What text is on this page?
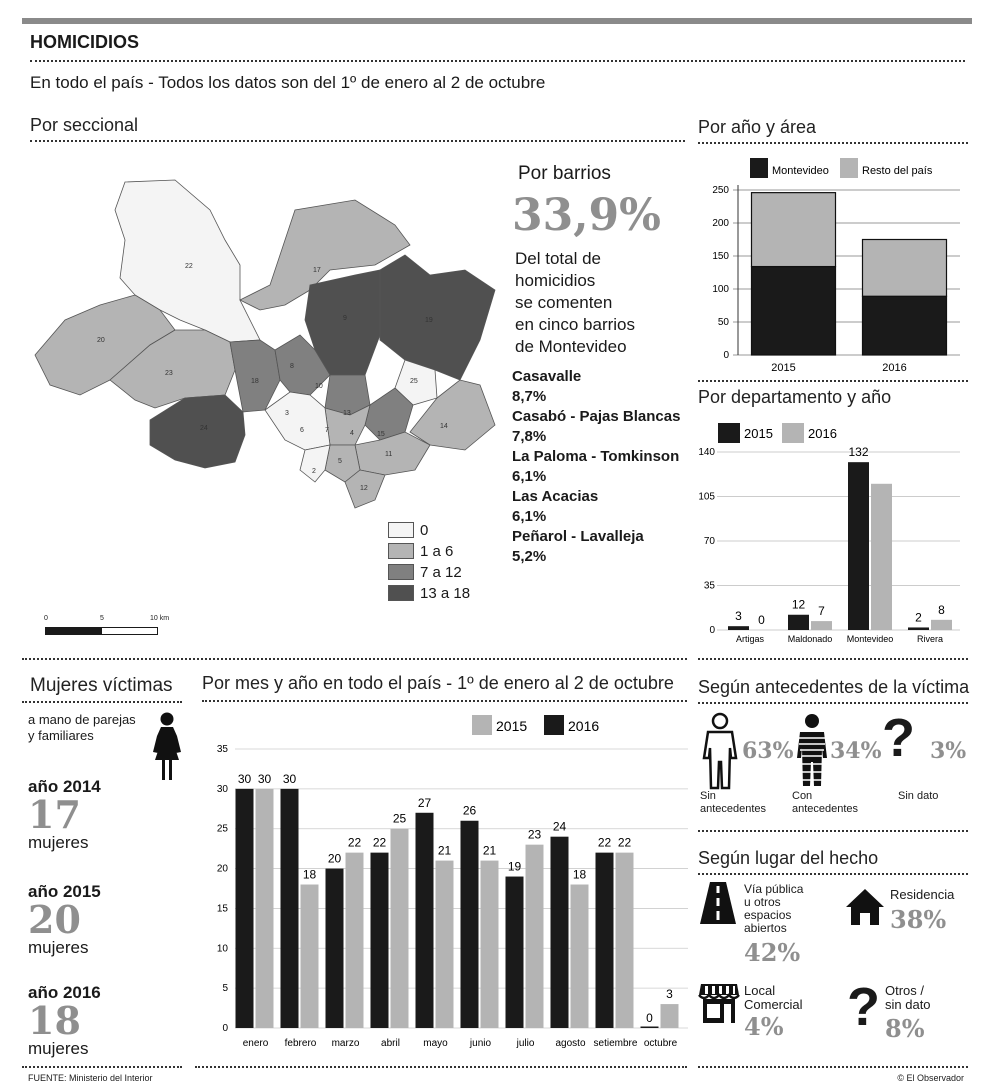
HOMICIDIOS
En todo el país - Todos los datos son del 1º de enero al 2 de octubre
Por seccional
22
17
20
23
24
18
8
10
19
9
25
13
15
14
6
5
2
11
12
3
4
7
0
1 a 6
7 a 12
13 a 18
0	5	10 km
Por barrios
33,9%
Del total de
homicidios
se comenten
en cinco barrios
de Montevideo
Casavalle
8,7%
Casabó - Pajas Blancas
7,8%
La Paloma - Tomkinson
6,1%
Las Acacias
6,1%
Peñarol - Lavalleja
5,2%
Por año y área
Montevideo	Resto del país
0
50
100
150
200
250
2015	2016
Por departamento y año
2015	2016
0
35
70
105
140
Artigas	Maldonado Montevideo	Rivera
3 0
12 7
132
2
8
Mujeres víctimas
a mano de parejas
y familiares
año 2014
17
mujeres
año 2015
20
mujeres
año 2016
18
mujeres
Por mes y año en todo el país - 1º de enero al 2 de octubre
2015	2016
0
5
10
15
20
25
30
35
enero febrero marzo abril mayo junio	julio agosto setiembre octubre
30 30 30
18
20
22 22
25
27
21
26
21
19
23
24
18
22 22
0
3
Según antecedentes de la víctima
63%
Sin
antecedentes
34%
Con
antecedentes
? 3%
Sin dato
Según lugar del hecho
Vía pública
u otros
espacios
abiertos
42%
Residencia
38%
Local
Comercial
4% ? Otros /
sin dato
8%
FUENTE: Ministerio del Interior	© El Observador
